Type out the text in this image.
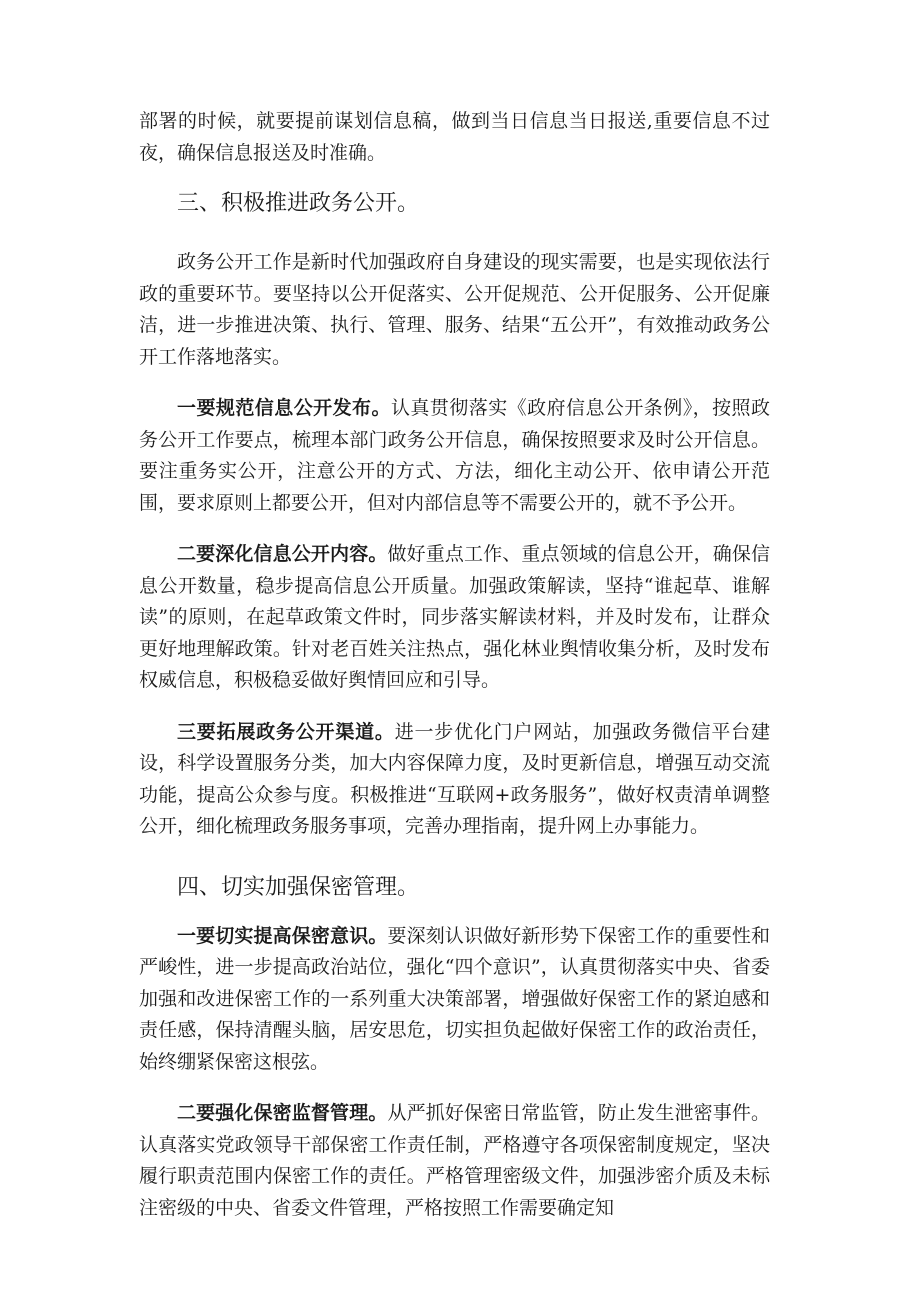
部署的时候，就要提前谋划信息稿，做到当日信息当日报送,重要信息不过夜，确保信息报送及时准确。

三、积极推进政务公开。

政务公开工作是新时代加强政府自身建设的现实需要，也是实现依法行政的重要环节。要坚持以公开促落实、公开促规范、公开促服务、公开促廉洁，进一步推进决策、执行、管理、服务、结果“五公开”，有效推动政务公开工作落地落实。

一要规范信息公开发布。认真贯彻落实《政府信息公开条例》，按照政务公开工作要点，梳理本部门政务公开信息，确保按照要求及时公开信息。要注重务实公开，注意公开的方式、方法，细化主动公开、依申请公开范围，要求原则上都要公开，但对内部信息等不需要公开的，就不予公开。

二要深化信息公开内容。做好重点工作、重点领域的信息公开，确保信息公开数量，稳步提高信息公开质量。加强政策解读，坚持“谁起草、谁解读”的原则，在起草政策文件时，同步落实解读材料，并及时发布，让群众更好地理解政策。针对老百姓关注热点，强化林业舆情收集分析，及时发布权威信息，积极稳妥做好舆情回应和引导。

三要拓展政务公开渠道。进一步优化门户网站，加强政务微信平台建设，科学设置服务分类，加大内容保障力度，及时更新信息，增强互动交流功能，提高公众参与度。积极推进“互联网+政务服务”，做好权责清单调整公开，细化梳理政务服务事项，完善办理指南，提升网上办事能力。

四、切实加强保密管理。

一要切实提高保密意识。要深刻认识做好新形势下保密工作的重要性和严峻性，进一步提高政治站位，强化“四个意识”，认真贯彻落实中央、省委加强和改进保密工作的一系列重大决策部署，增强做好保密工作的紧迫感和责任感，保持清醒头脑，居安思危，切实担负起做好保密工作的政治责任，始终绷紧保密这根弦。

二要强化保密监督管理。从严抓好保密日常监管，防止发生泄密事件。认真落实党政领导干部保密工作责任制，严格遵守各项保密制度规定，坚决履行职责范围内保密工作的责任。严格管理密级文件，加强涉密介质及未标注密级的中央、省委文件管理，严格按照工作需要确定知
